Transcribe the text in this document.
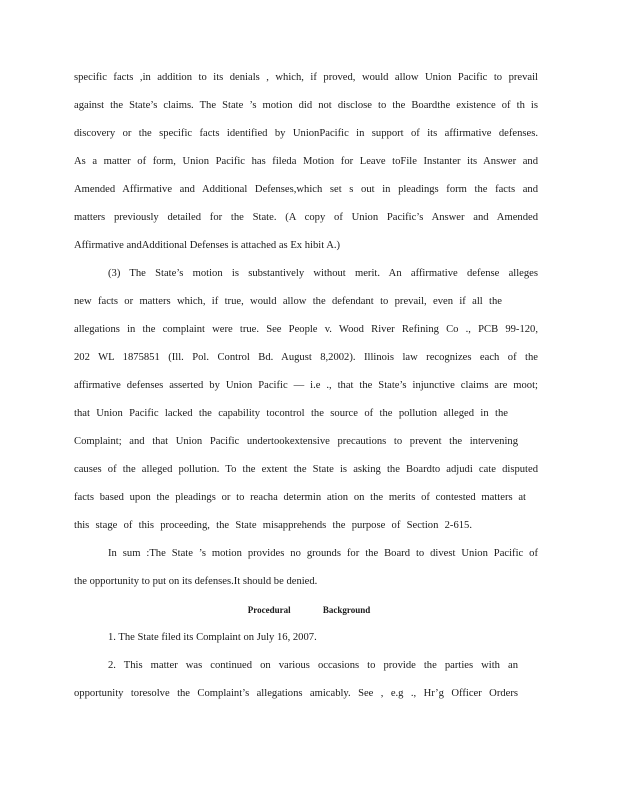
specific facts ,in addition to its denials , which, if proved, would allow Union Pacific to prevail
against the State’s claims. The State ’s motion did not disclose to the Boardthe existence of th is
discovery or the specific facts identified by UnionPacific in support of its affirmative defenses.
As a matter of form, Union Pacific has fileda Motion for Leave toFile Instanter its Answer and
Amended Affirmative and Additional Defenses,which set s out in pleadings form the facts and
matters previously detailed for the State. (A copy of Union Pacific’s Answer and Amended
Affirmative andAdditional Defenses is attached as Ex hibit A.)
(3) The State’s motion is substantively without merit. An affirmative defense alleges
new facts or matters which, if true, would allow the defendant to prevail, even if all the
allegations in the complaint were true. See People v. Wood River Refining Co ., PCB 99-120,
202 WL 1875851 (Ill. Pol. Control Bd. August 8,2002). Illinois law recognizes each of the
affirmative defenses asserted by Union Pacific — i.e ., that the State’s injunctive claims are moot;
that Union Pacific lacked the capability tocontrol the source of the pollution alleged in the
Complaint; and that Union Pacific undertookextensive precautions to prevent the intervening
causes of the alleged pollution. To the extent the State is asking the Boardto adjudi cate disputed
facts based upon the pleadings or to reacha determin ation on the merits of contested matters at
this stage of this proceeding, the State misapprehends the purpose of Section 2-615.
In sum :The State ’s motion provides no grounds for the Board to divest Union Pacific of
the opportunity to put on its defenses.It should be denied.
Procedural Background
1. The State filed its Complaint on July 16, 2007.
2. This matter was continued on various occasions to provide the parties with an
opportunity toresolve the Complaint’s allegations amicably. See , e.g ., Hr’g Officer Orders
